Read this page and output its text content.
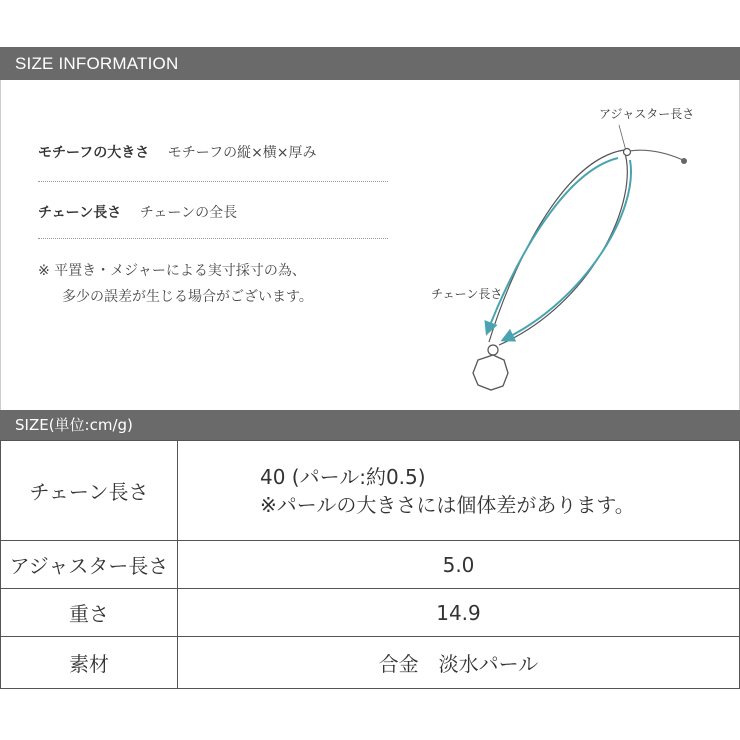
SIZE INFORMATION
モチーフの大きさ モチーフの縦×横×厚み
チェーン長さ チェーンの全長
※ 平置き・メジャーによる実寸採寸の為、
多少の誤差が生じる場合がございます。
アジャスター長さ
チェーン長さ
SIZE(単位:cm/g)
チェーン長さ	40 (パール:約0.5)
※パールの大きさには個体差があります。

アジャスター長さ	5.0
重さ	14.9
素材	合金　淡水パール
